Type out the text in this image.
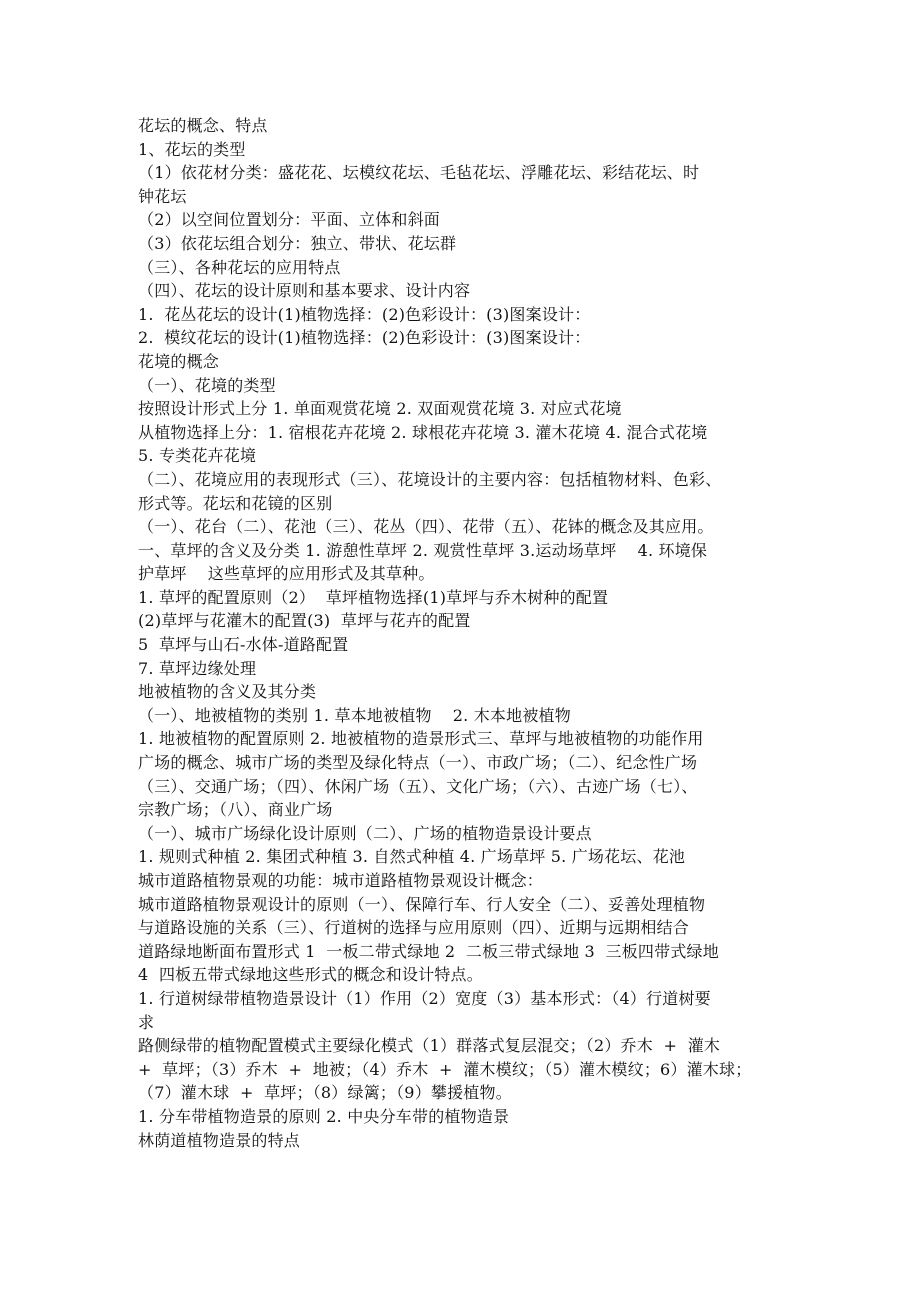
花坛的概念、特点
1、花坛的类型
（1）依花材分类：盛花花、坛模纹花坛、毛毡花坛、浮雕花坛、彩结花坛、时
钟花坛
（2）以空间位置划分：平面、立体和斜面
（3）依花坛组合划分：独立、带状、花坛群
（三）、各种花坛的应用特点
（四）、花坛的设计原则和基本要求、设计内容
1.  花丛花坛的设计(1)植物选择：(2)色彩设计：(3)图案设计：
2.  模纹花坛的设计(1)植物选择：(2)色彩设计：(3)图案设计：
花境的概念
（一）、花境的类型
按照设计形式上分 1. 单面观赏花境 2. 双面观赏花境 3. 对应式花境
从植物选择上分：1. 宿根花卉花境 2. 球根花卉花境 3. 灌木花境 4. 混合式花境
5. 专类花卉花境
（二）、花境应用的表现形式（三）、花境设计的主要内容：包括植物材料、色彩、
形式等。花坛和花镜的区别
（一）、花台（二）、花池（三）、花丛（四）、花带（五）、花钵的概念及其应用。
一、草坪的含义及分类 1. 游憩性草坪 2. 观赏性草坪 3.运动场草坪    4. 环境保
护草坪    这些草坪的应用形式及其草种。
1. 草坪的配置原则（2）  草坪植物选择(1)草坪与乔木树种的配置
(2)草坪与花灌木的配置(3)  草坪与花卉的配置
5  草坪与山石-水体-道路配置
7. 草坪边缘处理
地被植物的含义及其分类
（一）、地被植物的类别 1. 草本地被植物    2. 木本地被植物
1. 地被植物的配置原则 2. 地被植物的造景形式三、草坪与地被植物的功能作用
广场的概念、城市广场的类型及绿化特点（一）、市政广场；（二）、纪念性广场
（三）、交通广场；（四）、休闲广场（五）、文化广场；（六）、古迹广场（七）、
宗教广场；（八）、商业广场
（一）、城市广场绿化设计原则（二）、广场的植物造景设计要点
1. 规则式种植 2. 集团式种植 3. 自然式种植 4. 广场草坪 5. 广场花坛、花池
城市道路植物景观的功能：城市道路植物景观设计概念：
城市道路植物景观设计的原则（一）、保障行车、行人安全（二）、妥善处理植物
与道路设施的关系（三）、行道树的选择与应用原则（四）、近期与远期相结合
道路绿地断面布置形式 1  一板二带式绿地 2  二板三带式绿地 3  三板四带式绿地
4  四板五带式绿地这些形式的概念和设计特点。
1. 行道树绿带植物造景设计（1）作用（2）宽度（3）基本形式：（4）行道树要
求
路侧绿带的植物配置模式主要绿化模式（1）群落式复层混交；（2）乔木  +  灌木
+  草坪；（3）乔木  +  地被；（4）乔木  +  灌木模纹；（5）灌木模纹；6）灌木球；
（7）灌木球  +  草坪；（8）绿篱；（9）攀援植物。
1. 分车带植物造景的原则 2. 中央分车带的植物造景
林荫道植物造景的特点
